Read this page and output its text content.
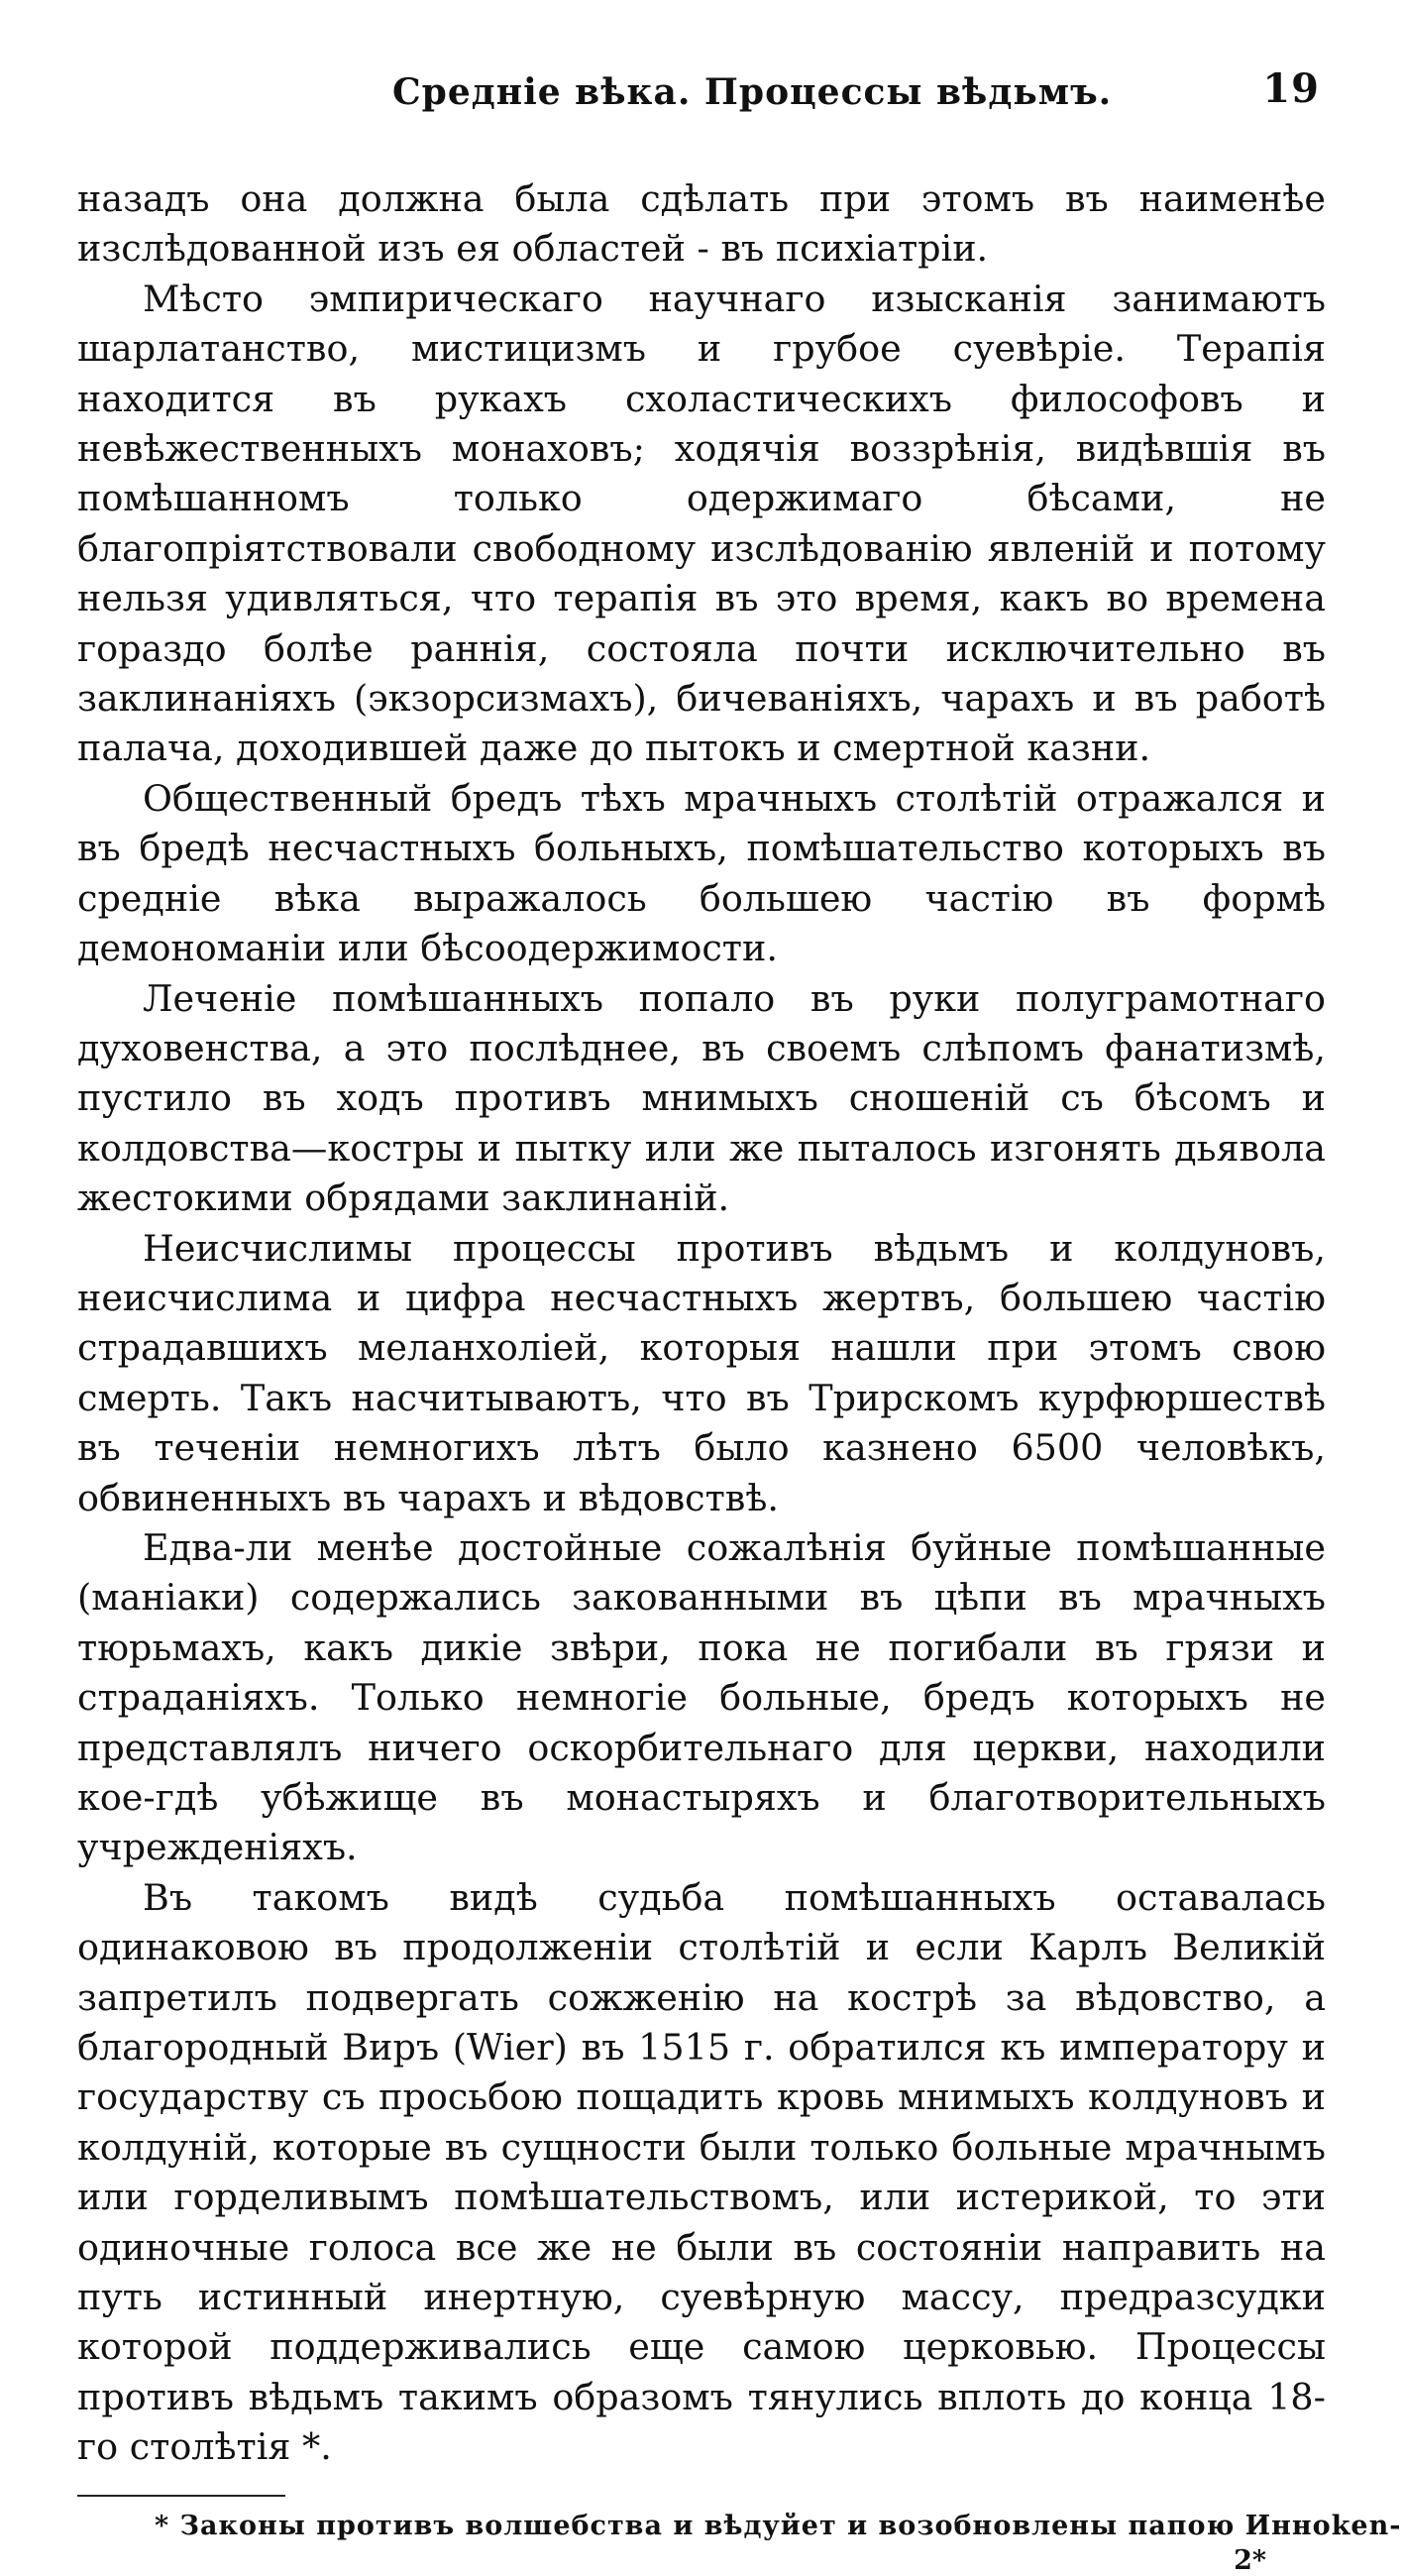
Средніе вѣка. Процессы вѣдьмъ.	19

назадъ она должна была сдѣлать при этомъ въ наименѣе изслѣдованной изъ ея областей - въ психіатріи.

Мѣсто эмпирическаго научнаго изысканія занимаютъ шарлатанство, мистицизмъ и грубое суевѣріе. Терапія находится въ рукахъ схоластическихъ философовъ и невѣжественныхъ монаховъ; ходячія воззрѣнія, видѣвшія въ помѣшанномъ только одержимаго бѣсами, не благопріятствовали свободному изслѣдованію явленій и потому нельзя удивляться, что терапія въ это время, какъ во времена гораздо болѣе раннія, состояла почти исключительно въ заклинаніяхъ (экзорсизмахъ), бичеваніяхъ, чарахъ и въ работѣ палача, доходившей даже до пытокъ и смертной казни.

Общественный бредъ тѣхъ мрачныхъ столѣтій отражался и въ бредѣ несчастныхъ больныхъ, помѣшательство которыхъ въ средніе вѣка выражалось большею частію въ формѣ демономаніи или бѣсоодержимости.

Леченіе помѣшанныхъ попало въ руки полуграмотнаго духовенства, а это послѣднее, въ своемъ слѣпомъ фанатизмѣ, пустило въ ходъ противъ мнимыхъ сношеній съ бѣсомъ и колдовства—костры и пытку или же пыталось изгонять дьявола жестокими обрядами заклинаній.

Неисчислимы процессы противъ вѣдьмъ и колдуновъ, неисчислима и цифра несчастныхъ жертвъ, большею частію страдавшихъ меланхоліей, которыя нашли при этомъ свою смерть. Такъ насчитываютъ, что въ Трирскомъ курфюршествѣ въ теченіи немногихъ лѣтъ было казнено 6500 человѣкъ, обвиненныхъ въ чарахъ и вѣдовствѣ.

Едва-ли менѣе достойные сожалѣнія буйные помѣшанные (маніаки) содержались закованными въ цѣпи въ мрачныхъ тюрьмахъ, какъ дикіе звѣри, пока не погибали въ грязи и страданіяхъ. Только немногіе больные, бредъ которыхъ не представлялъ ничего оскорбительнаго для церкви, находили кое-гдѣ убѣжище въ монастыряхъ и благотворительныхъ учрежденіяхъ.

Въ такомъ видѣ судьба помѣшанныхъ оставалась одинаковою въ продолженіи столѣтій и если Карлъ Великій запретилъ подвергать сожженію на кострѣ за вѣдовство, а благородный Виръ (Wier) въ 1515 г. обратился къ императору и государству съ просьбою пощадить кровь мнимыхъ колдуновъ и колдуній, которые въ сущности были только больные мрачнымъ или горделивымъ помѣшательствомъ, или истерикой, то эти одиночные голоса все же не были въ состояніи направить на путь истинный инертную, суевѣрную массу, предразсудки которой поддерживались еще самою церковью. Процессы противъ вѣдьмъ такимъ образомъ тянулись вплоть до конца 18-го столѣтія *.

* Законы противъ волшебства и вѣдуйет и возобновлены папою Инноken-
2*
